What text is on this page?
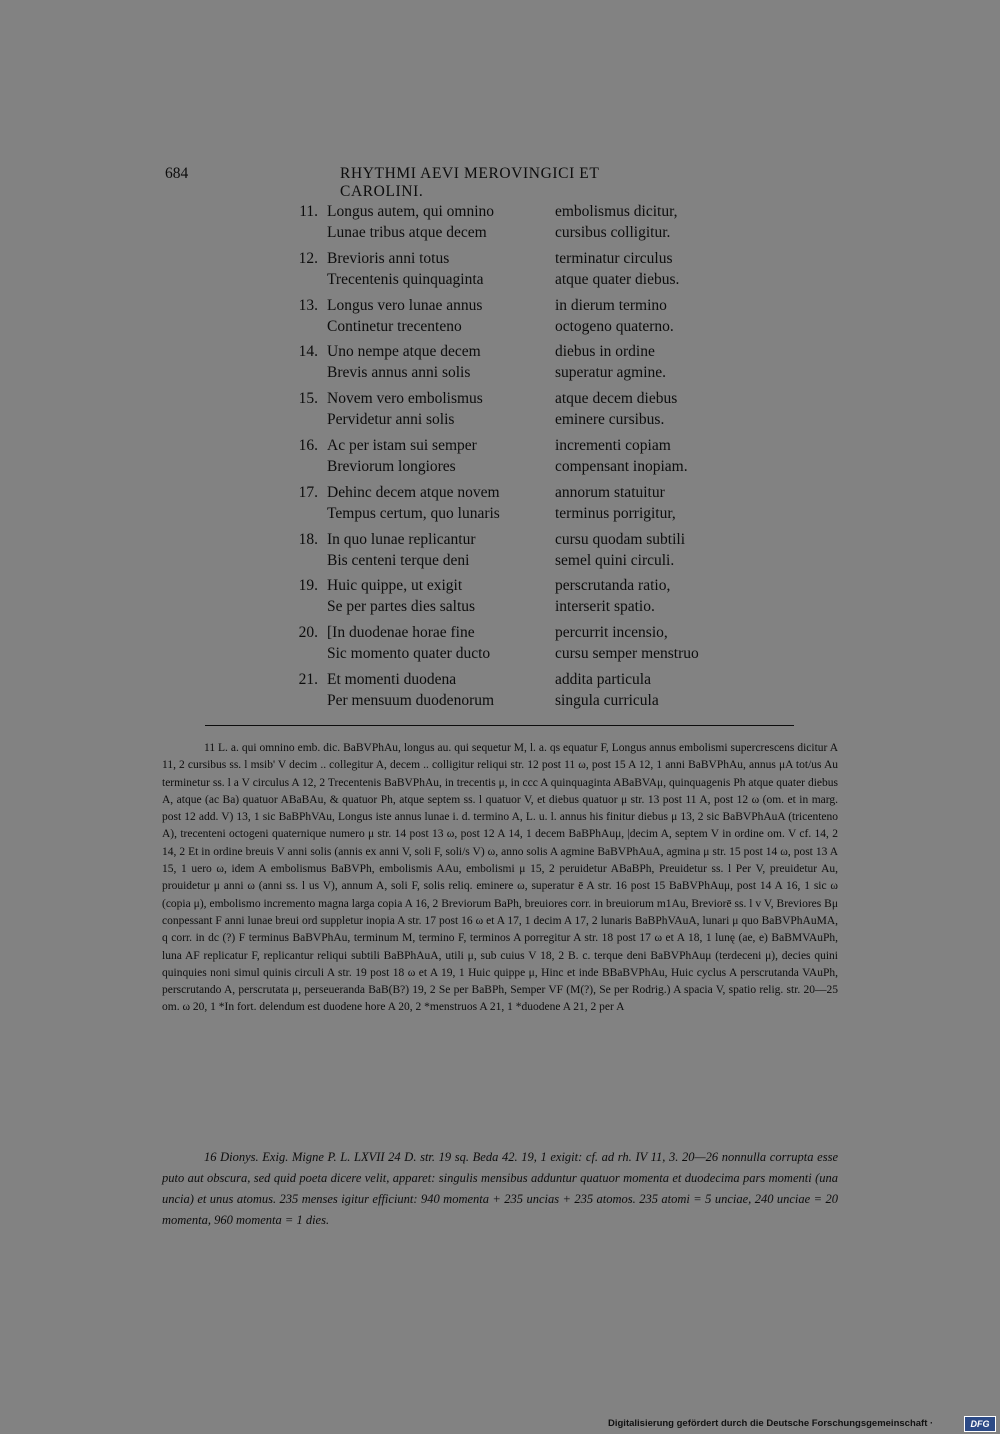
684	RHYTHMI AEVI MEROVINGICI ET CAROLINI.
11. Longus autem, qui omnino	embolismus dicitur,
Lunae tribus atque decem	cursibus colligitur.
12. Brevioris anni totus	terminatur circulus
Trecentenis quinquaginta	atque quater diebus.
13. Longus vero lunae annus	in dierum termino
Continetur trecenteno	octogeno quaterno.
14. Uno nempe atque decem	diebus in ordine
Brevis annus anni solis	superatur agmine.
15. Novem vero embolismus	atque decem diebus
Pervidetur anni solis	eminere cursibus.
16. Ac per istam sui semper	incrementi copiam
Breviorum longiores	compensant inopiam.
17. Dehinc decem atque novem	annorum statuitur
Tempus certum, quo lunaris	terminus porrigitur,
18. In quo lunae replicantur	cursu quodam subtili
Bis centeni terque deni	semel quini circuli.
19. Huic quippe, ut exigit	perscrutanda ratio,
Se per partes dies saltus	interserit spatio.
20. [In duodenae horae fine	percurrit incensio,
Sic momento quater ducto	cursu semper menstruo
21. Et momenti duodena	addita particula
Per mensuum duodenorum	singula curricula

11 L. a. qui omnino emb. dic. BaBVPhAu, longus au. qui sequetur M, l. a. qs equatur F, Longus annus embolismi supercrescens dicitur A 11, 2 cursibus ss. l msib' V decim .. collegitur A, decem .. colligitur reliqui str. 12 post 11 ω, post 15 A 12, 1 anni BaBVPhAu, annus μA tot/us Au terminetur ss. l a V circulus A 12, 2 Trecentenis BaBVPhAu, in trecentis μ, in ccc A quinquaginta ABaBVAμ, quinquagenis Ph atque quater diebus A, atque (ac Ba) quatuor ABaBAu, & quatuor Ph, atque septem ss. l quatuor V, et diebus quatuor μ str. 13 post 11 A, post 12 ω (om. et in marg. post 12 add. V) 13, 1 sic BaBPhVAu, Longus iste annus lunae i. d. termino A, L. u. l. annus his finitur diebus μ 13, 2 sic BaBVPhAuA (tricenteno A), trecenteni octogeni quaternique numero μ str. 14 post 13 ω, post 12 A 14, 1 decem BaBPhAuμ, |decim A, septem V in ordine om. V cf. 14, 2 14, 2 Et in ordine breuis V anni solis (annis ex anni V, soli F, soli/s V) ω, anno solis A agmine BaBVPhAuA, agmina μ str. 15 post 14 ω, post 13 A 15, 1 uero ω, idem A embolismus BaBVPh, embolismis AAu, embolismi μ 15, 2 peruidetur ABaBPh, Preuidetur ss. l Per V, preuidetur Au, prouidetur μ anni ω (anni ss. l us V), annum A, soli F, solis reliq. eminere ω, superatur ē A str. 16 post 15 BaBVPhAuμ, post 14 A 16, 1 sic ω (copia μ), embolismo incremento magna larga copia A 16, 2 Breviorum BaPh, breuiores corr. in breuiorum m1Au, Breviorē ss. l v V, Breviores Bμ conpessant F anni lunae breui ord suppletur inopia A str. 17 post 16 ω et A 17, 1 decim A 17, 2 lunaris BaBPhVAuA, lunari μ quo BaBVPhAuMA, q corr. in dc (?) F terminus BaBVPhAu, terminum M, termino F, terminos A porregitur A str. 18 post 17 ω et A 18, 1 lunę (ae, e) BaBMVAuPh, luna AF replicatur F, replicantur reliqui subtili BaBPhAuA, utili μ, sub cuius V 18, 2 B. c. terque deni BaBVPhAuμ (terdeceni μ), decies quini quinquies noni simul quinis circuli A str. 19 post 18 ω et A 19, 1 Huic quippe μ, Hinc et inde BBaBVPhAu, Huic cyclus A perscrutanda VAuPh, perscrutando A, perscrutata μ, perseueranda BaB(B?) 19, 2 Se per BaBPh, Semper VF (M(?), Se per Rodrig.) A spacia V, spatio relig. str. 20—25 om. ω 20, 1 *In fort. delendum est duodene hore A 20, 2 *menstruos A 21, 1 *duodene A 21, 2 per A

16 Dionys. Exig. Migne P. L. LXVII 24 D. str. 19 sq. Beda 42. 19, 1 exigit: cf. ad rh. IV 11, 3. 20—26 nonnulla corrupta esse puto aut obscura, sed quid poeta dicere velit, apparet: singulis mensibus adduntur quatuor momenta et duodecima pars momenti (una uncia) et unus atomus. 235 menses igitur efficiunt: 940 momenta + 235 uncias + 235 atomos. 235 atomi = 5 unciae, 240 unciae = 20 momenta, 960 momenta = 1 dies.

Digitalisierung gefördert durch die Deutsche Forschungsgemeinschaft ·	DFG
